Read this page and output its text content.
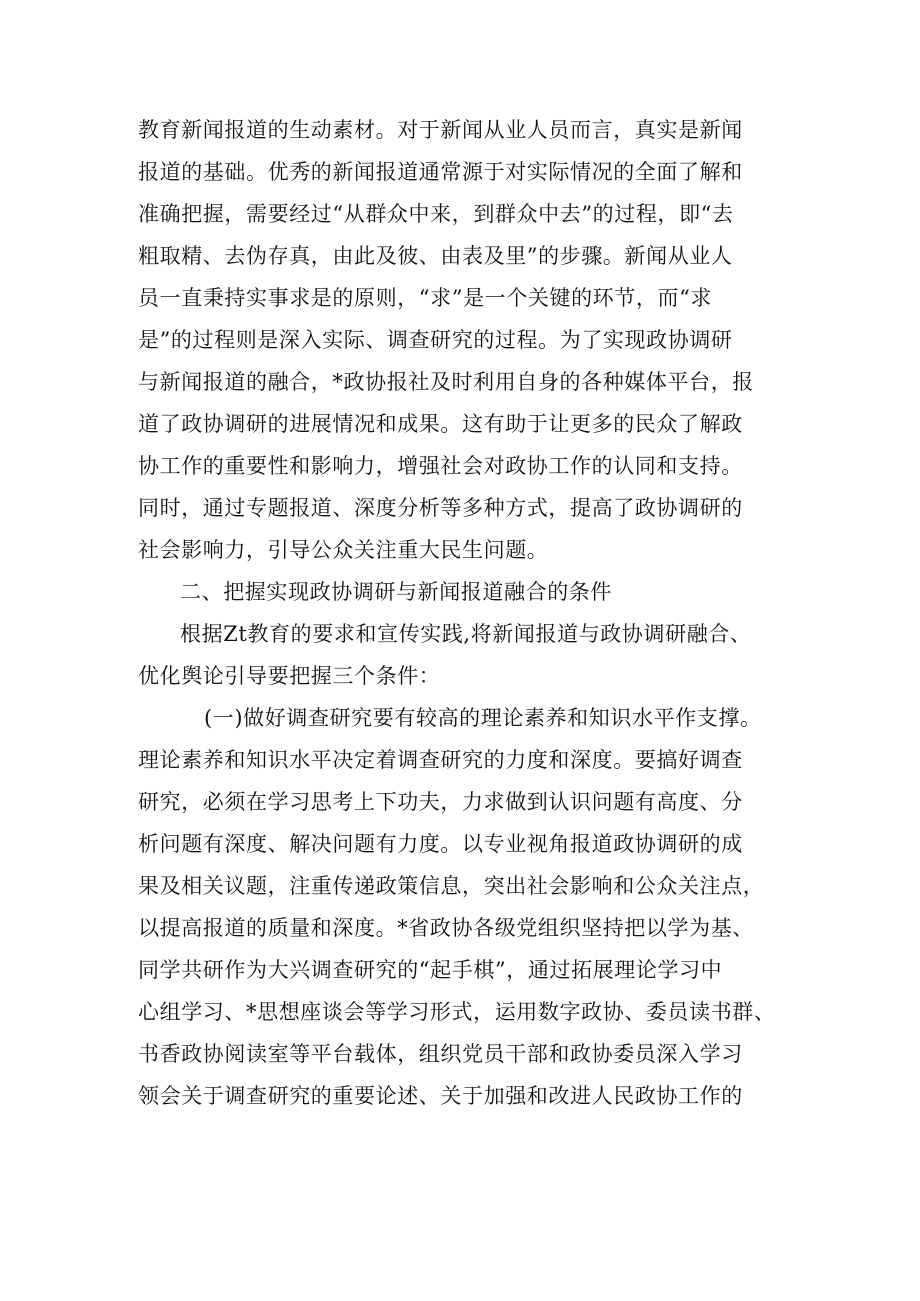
教育新闻报道的生动素材。对于新闻从业人员而言，真实是新闻
报道的基础。优秀的新闻报道通常源于对实际情况的全面了解和
准确把握，需要经过“从群众中来，到群众中去”的过程，即“去
粗取精、去伪存真，由此及彼、由表及里”的步骤。新闻从业人
员一直秉持实事求是的原则，“求”是一个关键的环节，而“求
是”的过程则是深入实际、调查研究的过程。为了实现政协调研
与新闻报道的融合，*政协报社及时利用自身的各种媒体平台，报
道了政协调研的进展情况和成果。这有助于让更多的民众了解政
协工作的重要性和影响力，增强社会对政协工作的认同和支持。
同时，通过专题报道、深度分析等多种方式，提高了政协调研的
社会影响力，引导公众关注重大民生问题。
二、把握实现政协调研与新闻报道融合的条件
根据Zt教育的要求和宣传实践,将新闻报道与政协调研融合、
优化舆论引导要把握三个条件：
(一)做好调查研究要有较高的理论素养和知识水平作支撑。
理论素养和知识水平决定着调查研究的力度和深度。要搞好调查
研究，必须在学习思考上下功夫，力求做到认识问题有高度、分
析问题有深度、解决问题有力度。以专业视角报道政协调研的成
果及相关议题，注重传递政策信息，突出社会影响和公众关注点，
以提高报道的质量和深度。*省政协各级党组织坚持把以学为基、
同学共研作为大兴调查研究的“起手棋”，通过拓展理论学习中
心组学习、*思想座谈会等学习形式，运用数字政协、委员读书群、
书香政协阅读室等平台载体，组织党员干部和政协委员深入学习
领会关于调查研究的重要论述、关于加强和改进人民政协工作的
